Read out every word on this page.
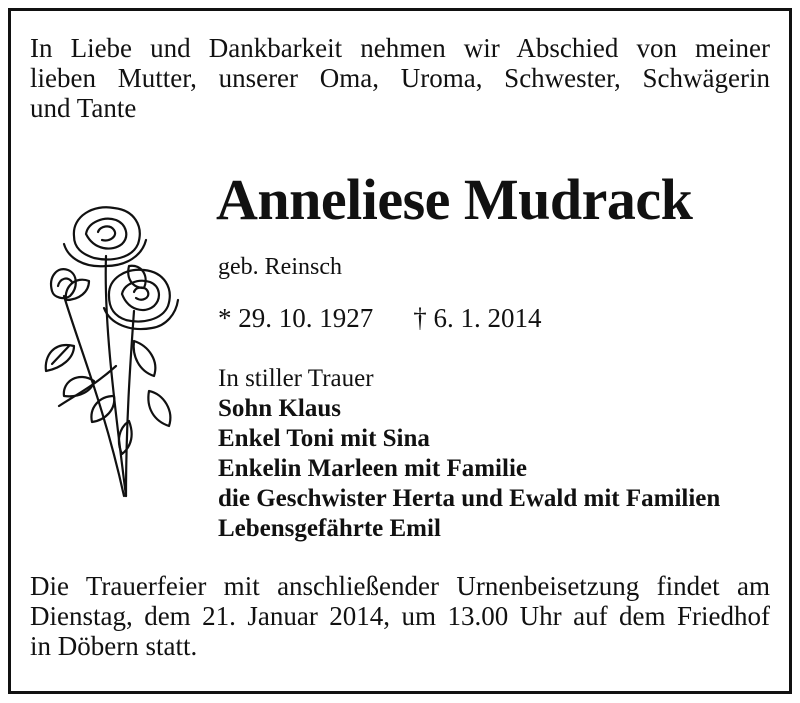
In Liebe und Dankbarkeit nehmen wir Abschied von meiner
lieben Mutter, unserer Oma, Uroma, Schwester, Schwägerin
und Tante

Anneliese Mudrack
geb. Reinsch
* 29. 10. 1927 † 6. 1. 2014
In stiller Trauer
Sohn Klaus
Enkel Toni mit Sina
Enkelin Marleen mit Familie
die Geschwister Herta und Ewald mit Familien
Lebensgefährte Emil

Die Trauerfeier mit anschließender Urnenbeisetzung findet am
Dienstag, dem 21. Januar 2014, um 13.00 Uhr auf dem Friedhof
in Döbern statt.
